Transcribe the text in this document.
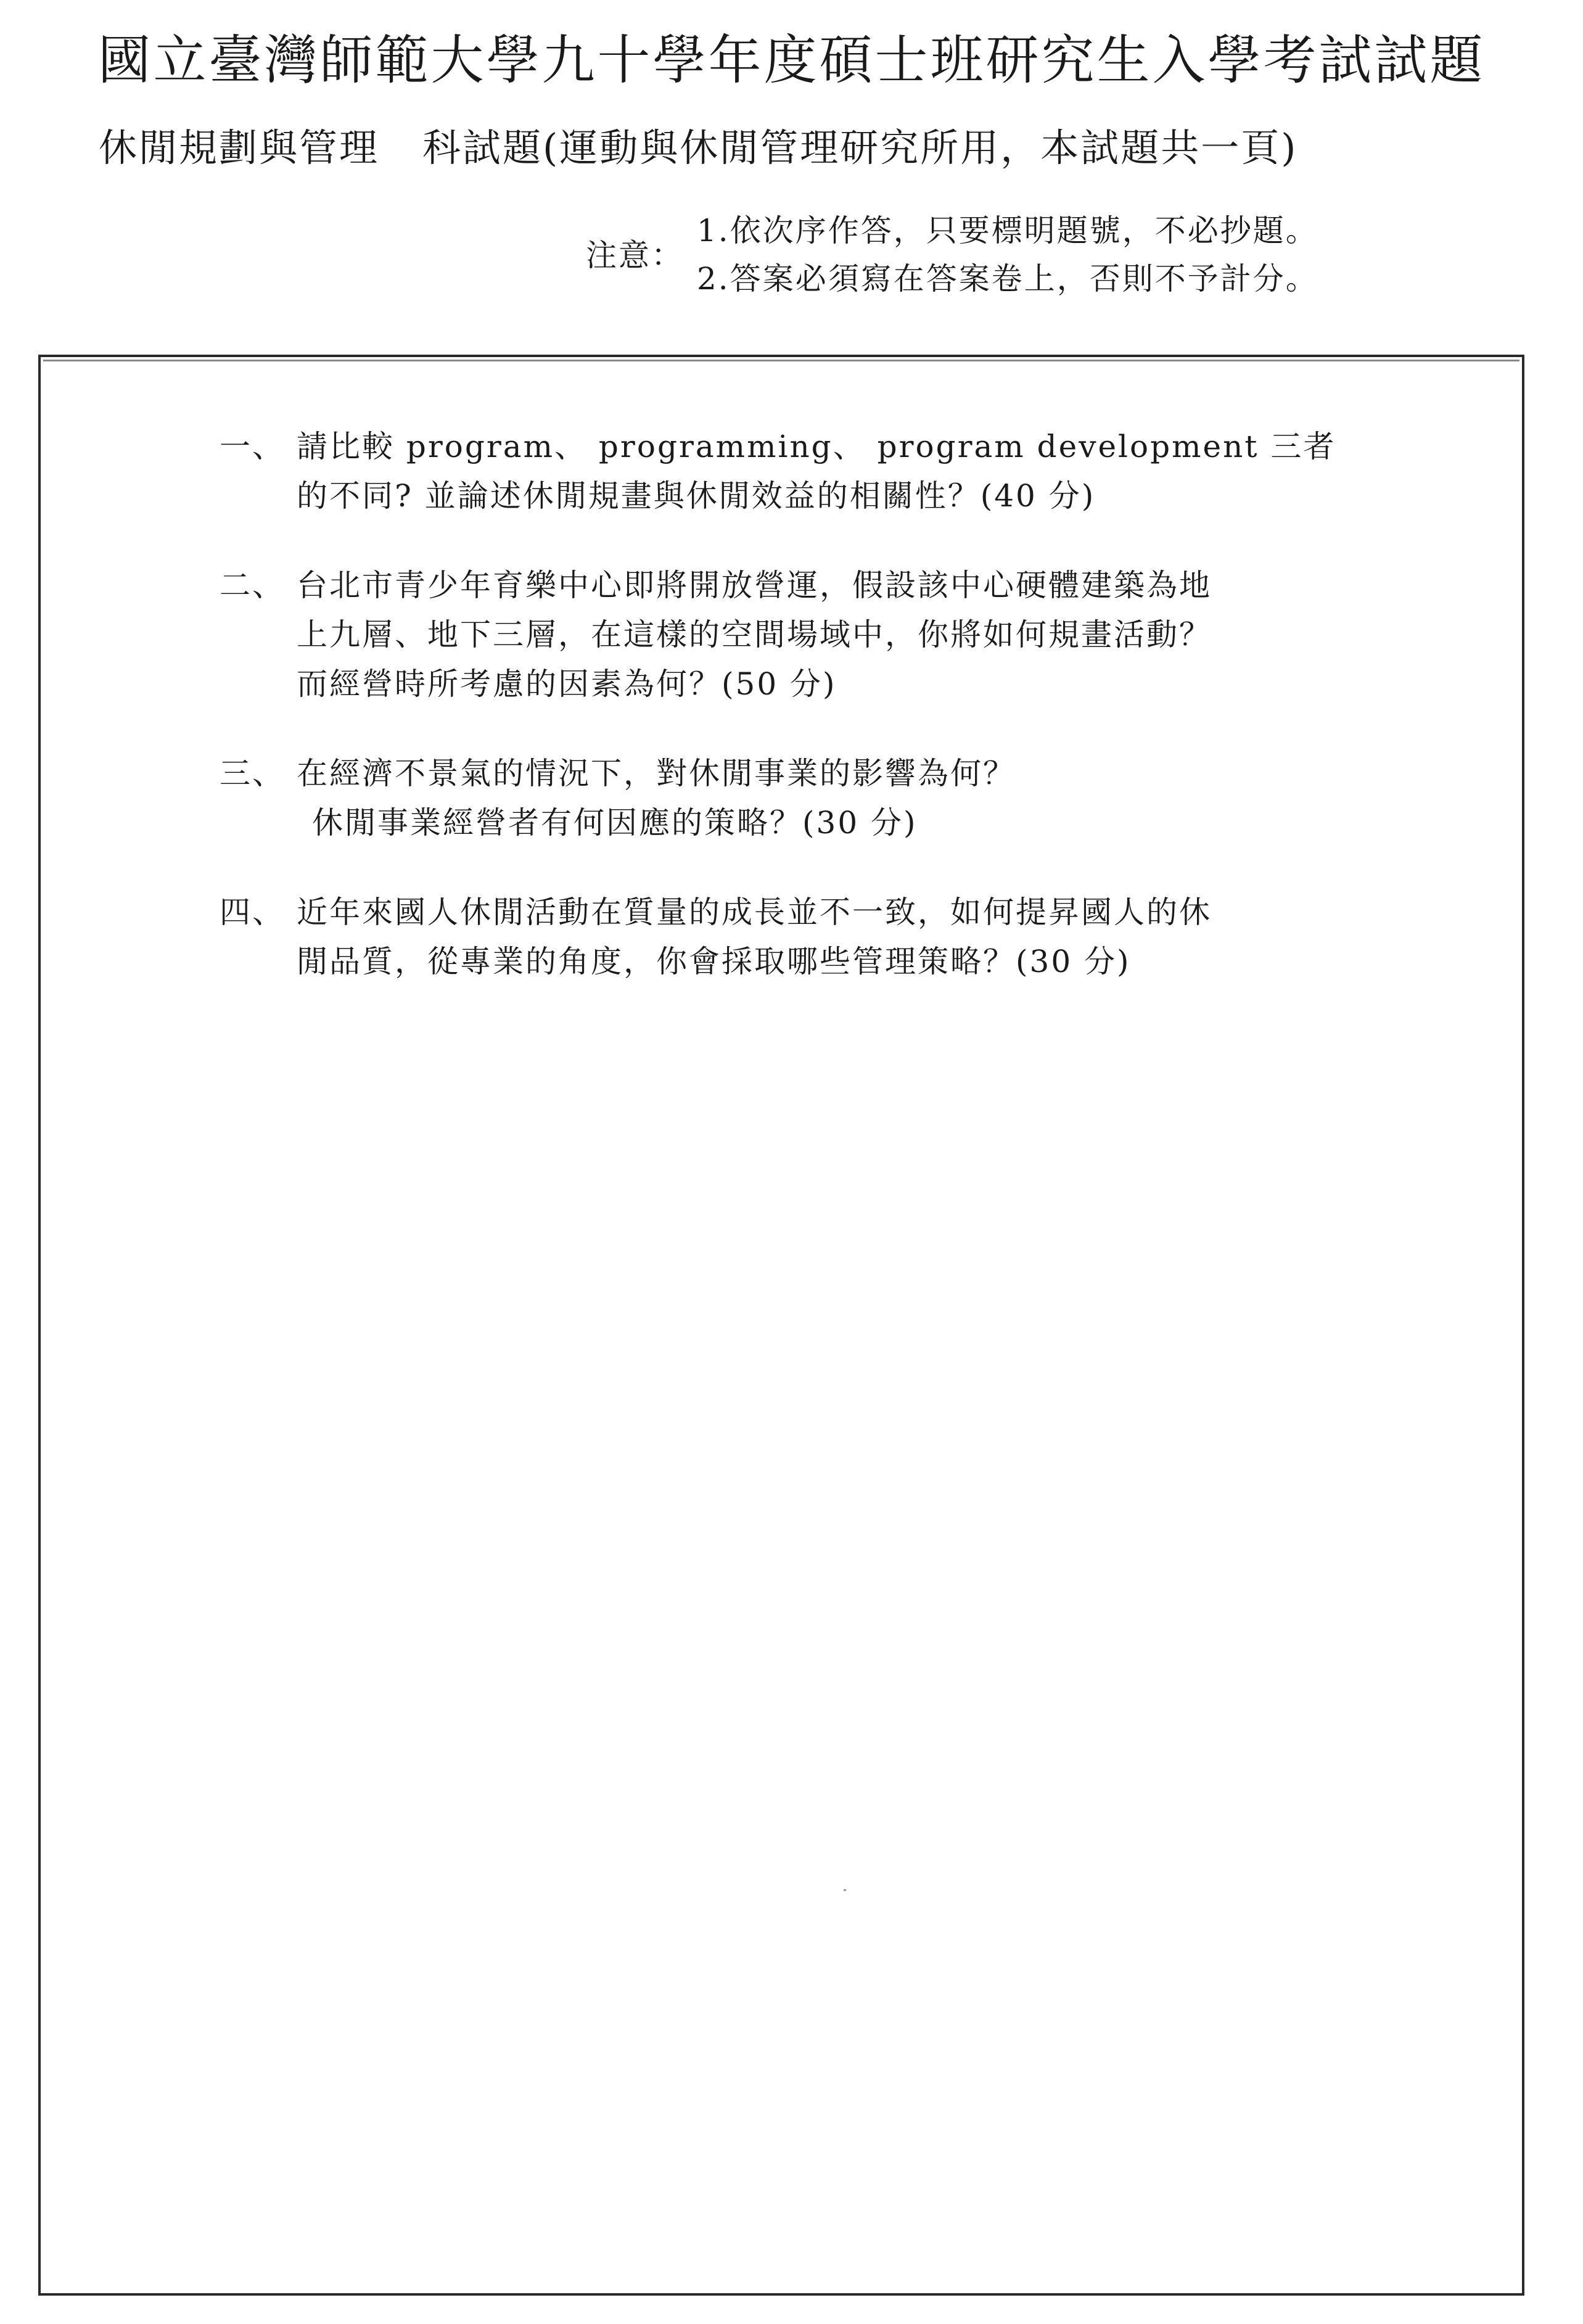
國立臺灣師範大學九十學年度碩士班研究生入學考試試題
休閒規劃與管理 科試題(運動與休閒管理研究所用，本試題共一頁)
注意：
1.依次序作答，只要標明題號，不必抄題。
2.答案必須寫在答案卷上，否則不予計分。
一、 請比較 program、 programming、 program development 三者
的不同? 並論述休閒規畫與休閒效益的相關性？(40 分)
二、 台北市青少年育樂中心即將開放營運，假設該中心硬體建築為地
上九層、地下三層，在這樣的空間場域中，你將如何規畫活動？
而經營時所考慮的因素為何？(50 分)
三、 在經濟不景氣的情況下，對休閒事業的影響為何？
休閒事業經營者有何因應的策略？(30 分)
四、 近年來國人休閒活動在質量的成長並不一致，如何提昇國人的休
閒品質，從專業的角度，你會採取哪些管理策略？(30 分)
